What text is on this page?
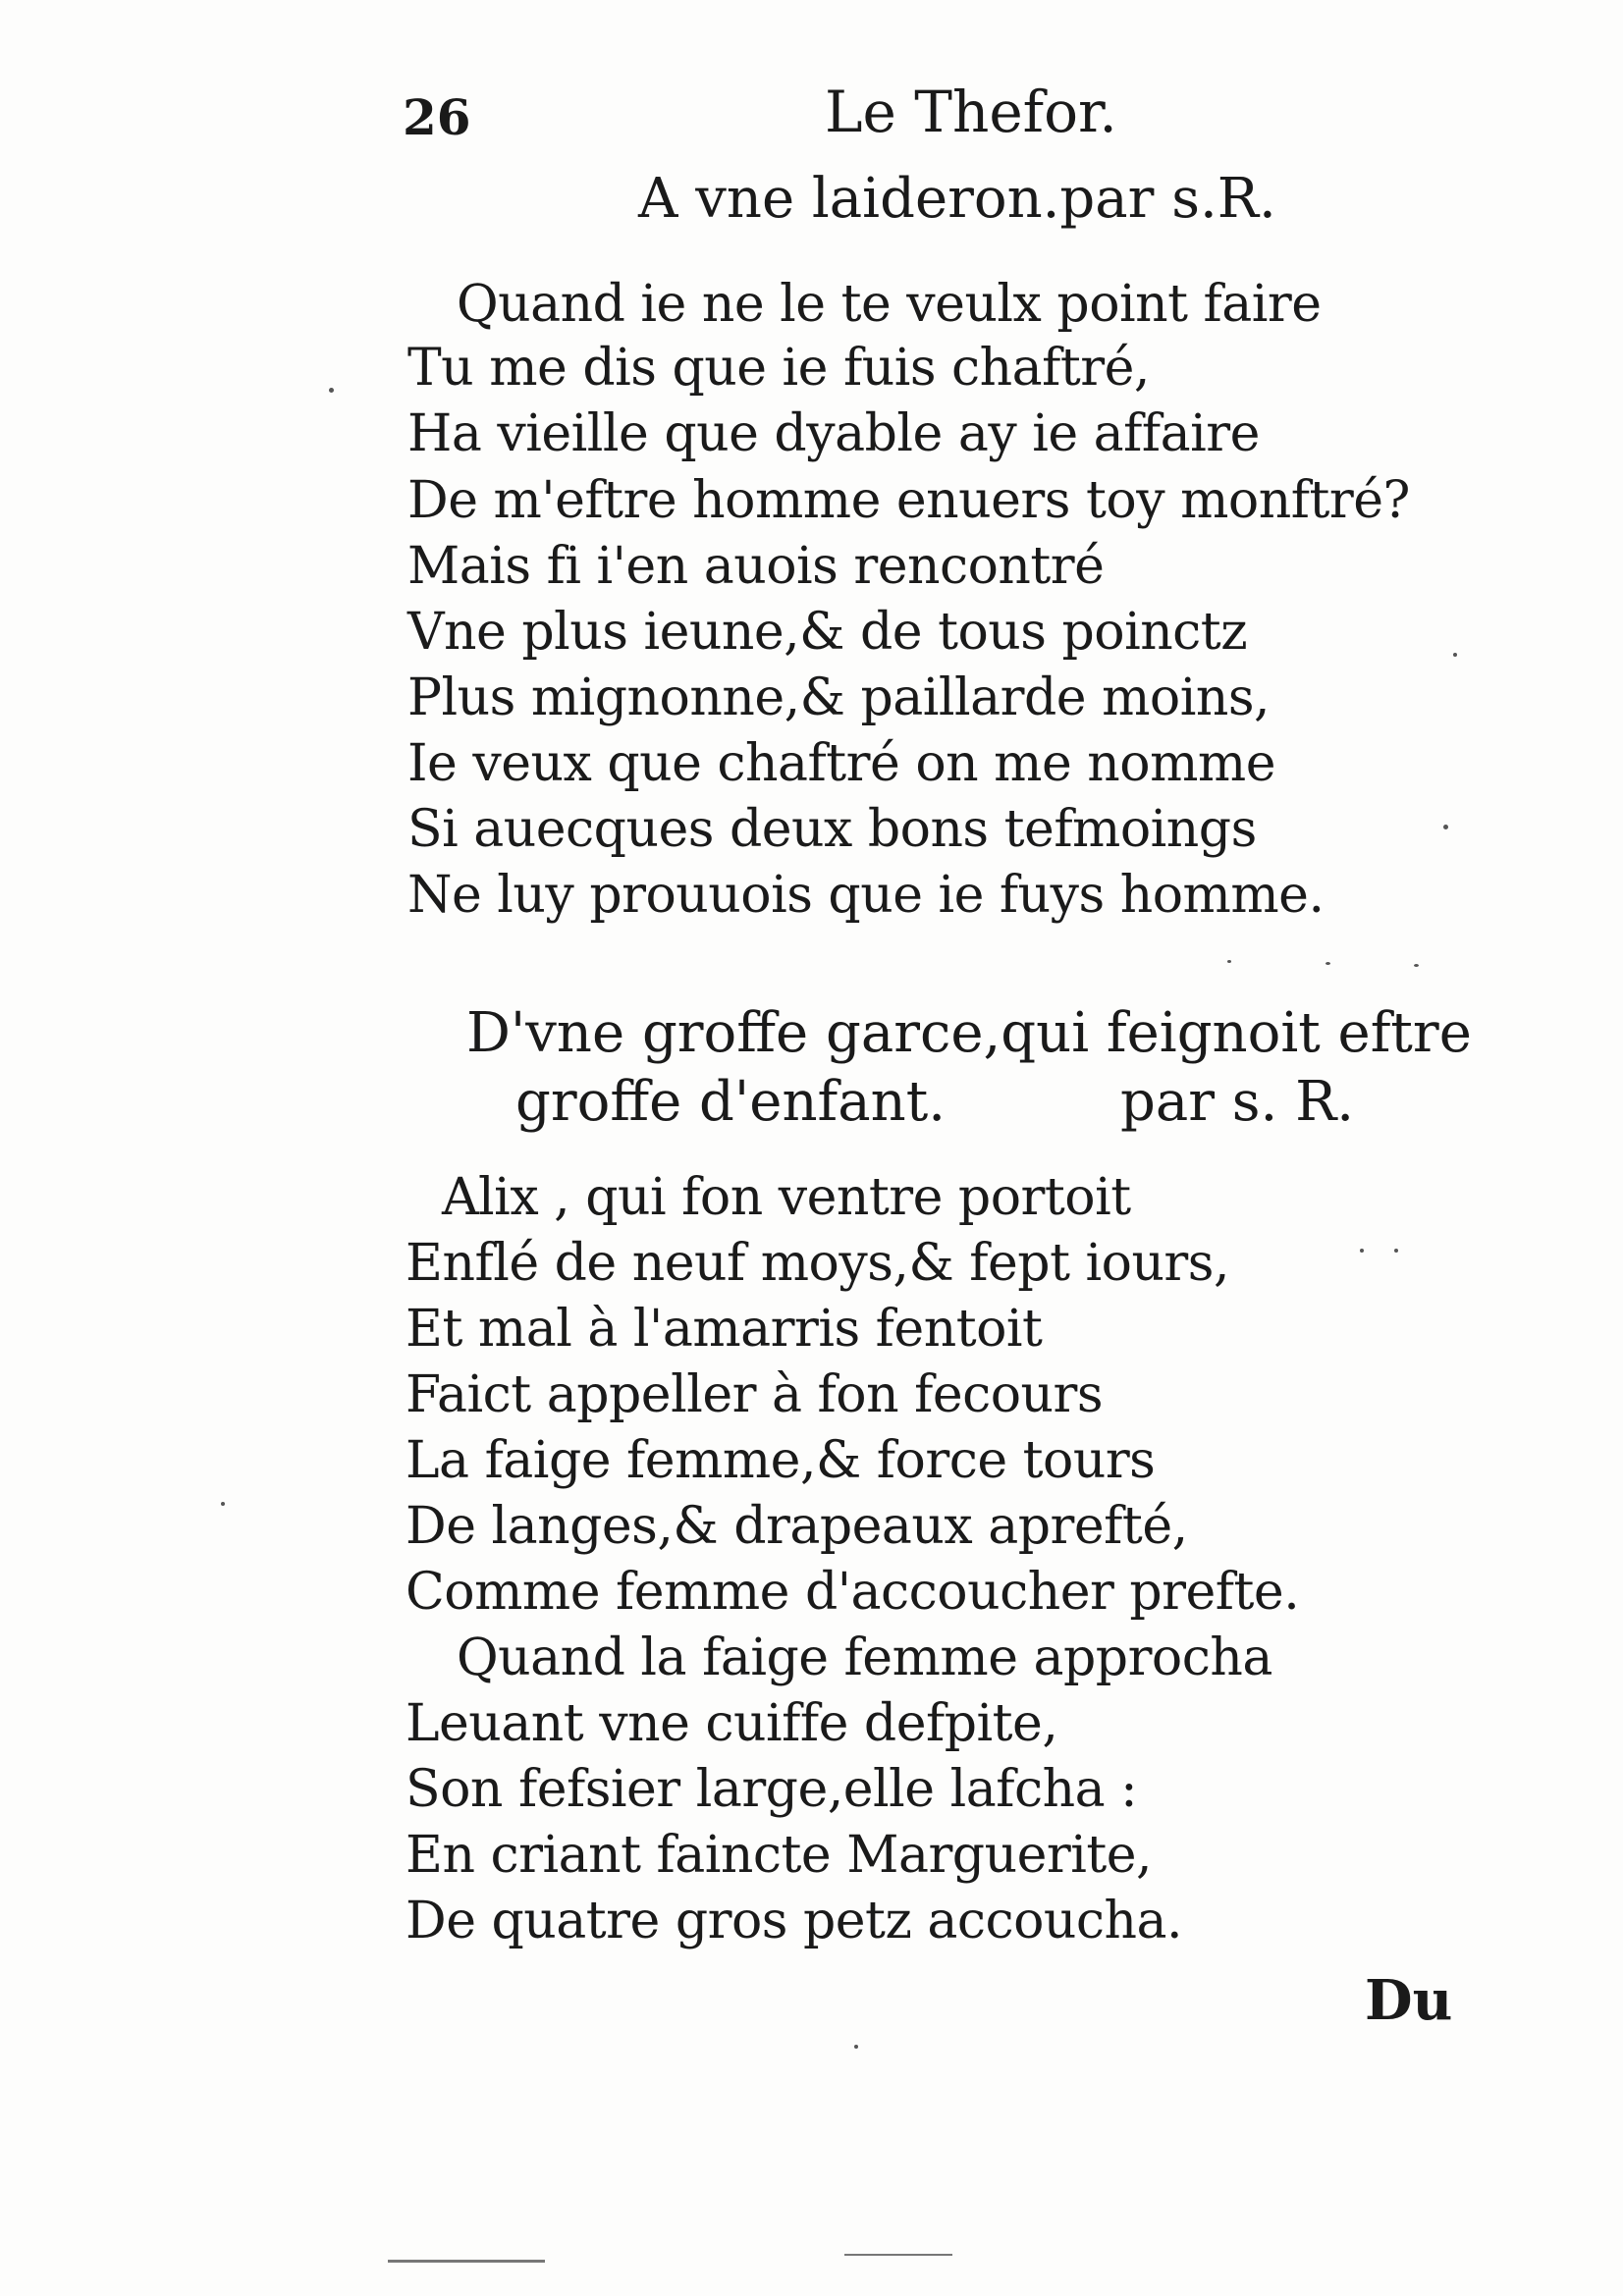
26	Le Thefor.
A vne laideron.par s.R.
Quand ie ne le te veulx point faire
Tu me dis que ie fuis chaftré,
Ha vieille que dyable ay ie affaire
De m'eftre homme enuers toy monftré?
Mais fi i'en auois rencontré
Vne plus ieune,& de tous poinctz
Plus mignonne,& paillarde moins,
Ie veux que chaftré on me nomme
Si auecques deux bons tefmoings
Ne luy prouuois que ie fuys homme.
D'vne groffe garce,qui feignoit eftre
groffe d'enfant.          par s. R.
Alix , qui fon ventre portoit
Enflé de neuf moys,& fept iours,
Et mal à l'amarris fentoit
Faict appeller à fon fecours
La faige femme,& force tours
De langes,& drapeaux aprefté,
Comme femme d'accoucher prefte.
Quand la faige femme approcha
Leuant vne cuiffe defpite,
Son fefsier large,elle lafcha :
En criant faincte Marguerite,
De quatre gros petz accoucha.
Du
